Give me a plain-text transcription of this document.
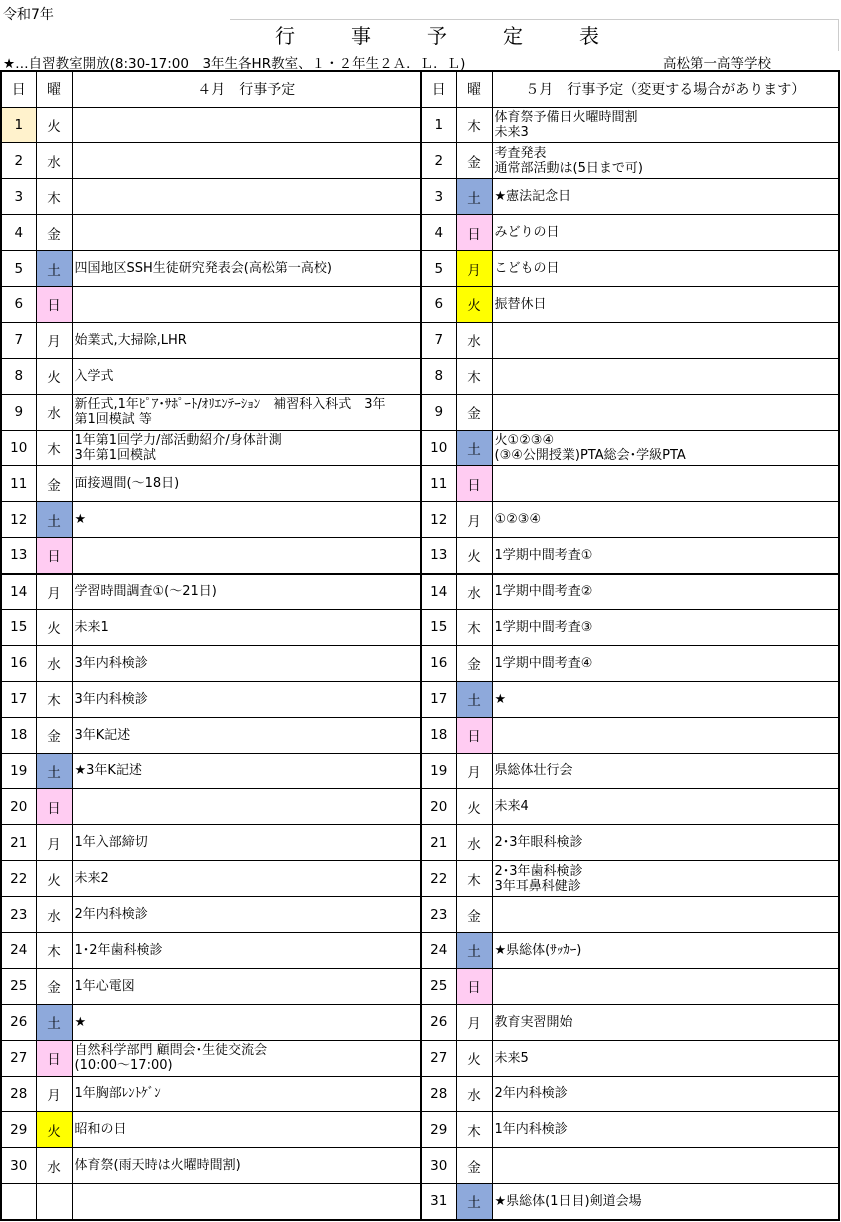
令和7年
行事予定表
★…自習教室開放(8:30-17:00　3年生各HR教室、１・２年生２Ａ．Ｌ．Ｌ)	高松第一高等学校
日	曜	４月　行事予定	日	曜	５月　行事予定（変更する場合があります）
1	火		1	木	体育祭予備日火曜時間割
未来3
2	水		2	金	考査発表
通常部活動は(5日まで可)
3	木		3	土	★憲法記念日
4	金		4	日	みどりの日
5	土	四国地区SSH生徒研究発表会(高松第一高校)	5	月	こどもの日
6	日		6	火	振替休日
7	月	始業式,大掃除,LHR	7	水	
8	火	入学式	8	木	
9	水	新任式,1年ﾋﾟｱ･ｻﾎﾟｰﾄ/ｵﾘｴﾝﾃｰｼｮﾝ　補習科入科式　3年
第1回模試 等	9	金	
10	木	1年第1回学力/部活動紹介/身体計測
3年第1回模試	10	土	火①②③④
(③④公開授業)PTA総会･学級PTA
11	金	面接週間(～18日)	11	日	
12	土	★	12	月	①②③④
13	日		13	火	1学期中間考査①
14	月	学習時間調査①(～21日)	14	水	1学期中間考査②
15	火	未来1	15	木	1学期中間考査③
16	水	3年内科検診	16	金	1学期中間考査④
17	木	3年内科検診	17	土	★
18	金	3年K記述	18	日	
19	土	★3年K記述	19	月	県総体壮行会
20	日		20	火	未来4
21	月	1年入部締切	21	水	2･3年眼科検診
22	火	未来2	22	木	2･3年歯科検診
3年耳鼻科健診
23	水	2年内科検診	23	金	
24	木	1･2年歯科検診	24	土	★県総体(ｻｯｶｰ)
25	金	1年心電図	25	日	
26	土	★	26	月	教育実習開始
27	日	自然科学部門 顧問会･生徒交流会
(10:00～17:00)	27	火	未来5
28	月	1年胸部ﾚﾝﾄｹﾞﾝ	28	水	2年内科検診
29	火	昭和の日	29	木	1年内科検診
30	水	体育祭(雨天時は火曜時間割)	30	金	
			31	土	★県総体(1日目)剣道会場
